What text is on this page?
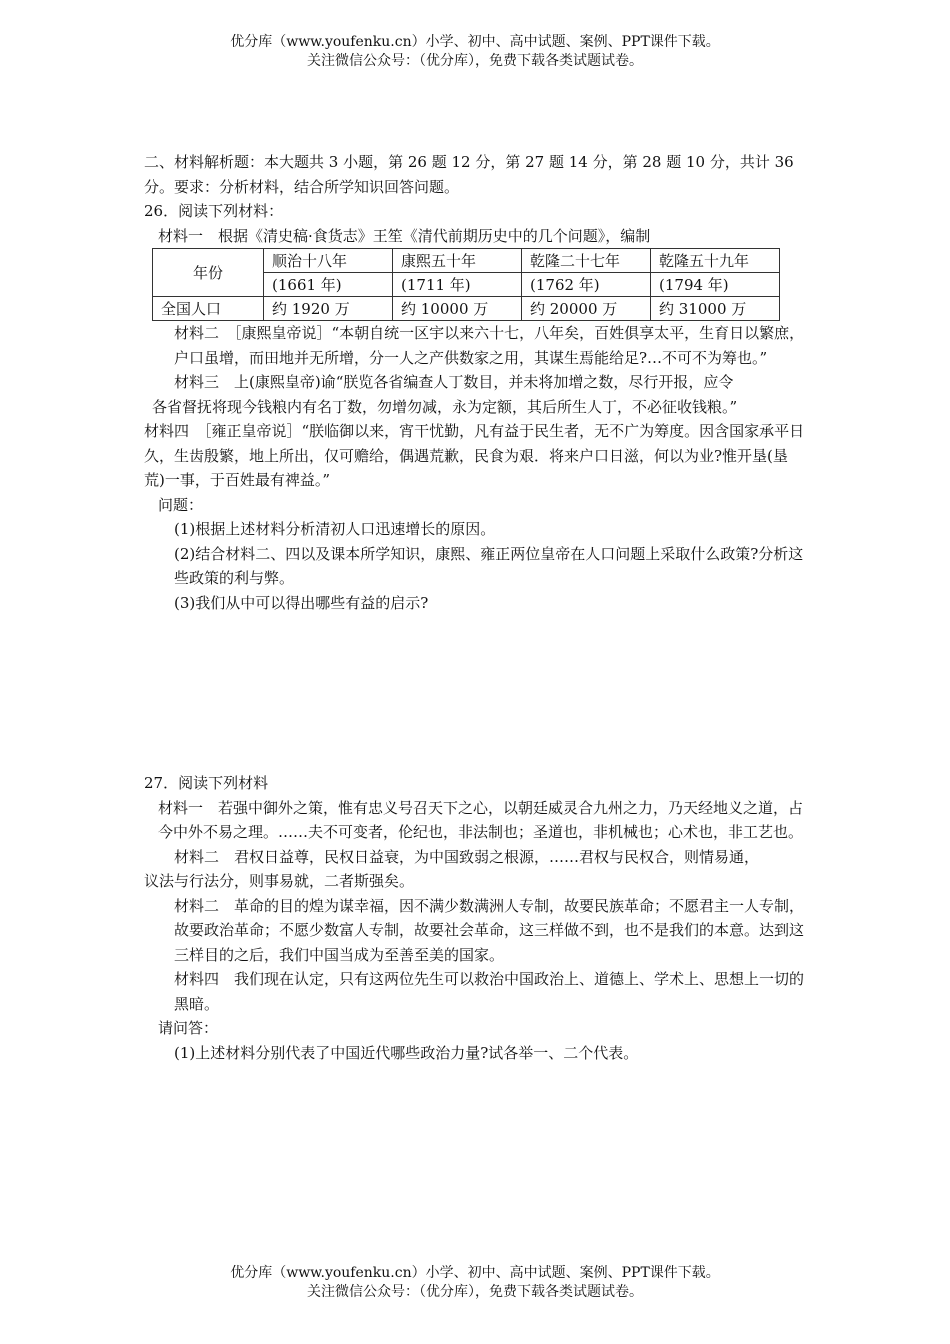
优分库（www.youfenku.cn）小学、初中、高中试题、案例、PPT课件下载。
关注微信公众号：（优分库），免费下载各类试题试卷。

二、材料解析题：本大题共 3 小题，第 26 题 12 分，第 27 题 14 分，第 28 题 10 分，共计 36 分。要求：分析材料，结合所学知识回答问题。

26．阅读下列材料：

材料一　根据《清史稿·食货志》王笙《清代前期历史中的几个问题》，编制

年份	顺治十八年	康熙五十年	乾隆二十七年	乾隆五十九年
	(1661 年)	(1711 年)	(1762 年)	(1794 年)
全国人口	约 1920 万	约 10000 万	约 20000 万	约 31000 万

材料二　［康熙皇帝说］“本朝自统一区宇以来六十七，八年矣，百姓俱享太平，生育日以繁庶，户口虽增，而田地并无所增，分一人之产供数家之用，其谋生焉能给足?…不可不为筹也。”

材料三　上(康熙皇帝)谕“朕览各省编查人丁数目，并未将加增之数，尽行开报，应令

各省督抚将现今钱粮内有名丁数，勿增勿减，永为定额，其后所生人丁，不必征收钱粮。”

材料四　［雍正皇帝说］“朕临御以来，宵干忧勤，凡有益于民生者，无不广为筹度。因含国家承平日久，生齿殷繁，地上所出，仅可赡给，偶遇荒歉，民食为艰．将来户口日滋，何以为业?惟开垦(垦荒)一事，于百姓最有禆益。”

问题：

(1)根据上述材料分析清初人口迅速增长的原因。

(2)结合材料二、四以及课本所学知识，康熙、雍正两位皇帝在人口问题上采取什么政策?分析这些政策的利与弊。

(3)我们从中可以得出哪些有益的启示?

27．阅读下列材料

材料一　若强中御外之策，惟有忠义号召天下之心，以朝廷威灵合九州之力，乃天经地义之道，占今中外不易之理。……夫不可变者，伦纪也，非法制也；圣道也，非机械也；心术也，非工艺也。

材料二　君权日益尊，民权日益衰，为中国致弱之根源，……君权与民权合，则情易通，

议法与行法分，则事易就，二者斯强矣。

材料二　革命的目的煌为谋幸福，因不满少数满洲人专制，故要民族革命；不愿君主一人专制，故要政治革命；不愿少数富人专制，故要社会革命，这三样做不到，也不是我们的本意。达到这三样目的之后，我们中国当成为至善至美的国家。

材料四　我们现在认定，只有这两位先生可以救治中国政治上、道德上、学术上、思想上一切的黑暗。

请问答：

(1)上述材料分别代表了中国近代哪些政治力量?试各举一、二个代表。

优分库（www.youfenku.cn）小学、初中、高中试题、案例、PPT课件下载。
关注微信公众号：（优分库），免费下载各类试题试卷。
